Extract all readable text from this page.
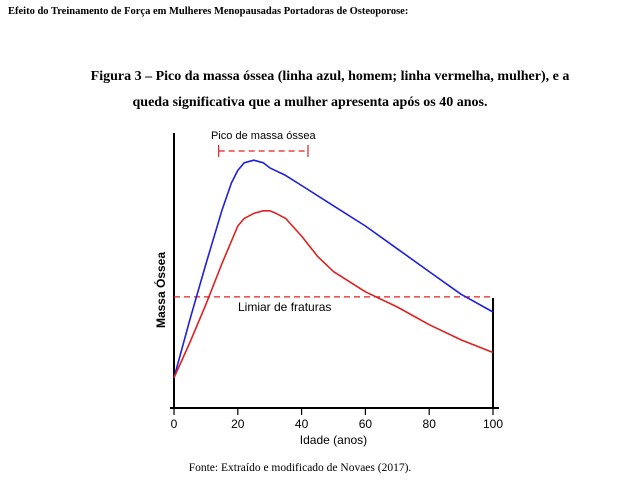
Efeito do Treinamento de Força em Mulheres Menopausadas Portadoras de Osteoporose:
Figura 3 – Pico da massa óssea (linha azul, homem; linha vermelha, mulher), e a
queda significativa que a mulher apresenta após os 40 anos.
0	20	40	60	80	100
Idade (anos)
Massa Óssea	Limiar de fraturas
Pico de massa óssea
Fonte: Extraído e modificado de Novaes (2017).
